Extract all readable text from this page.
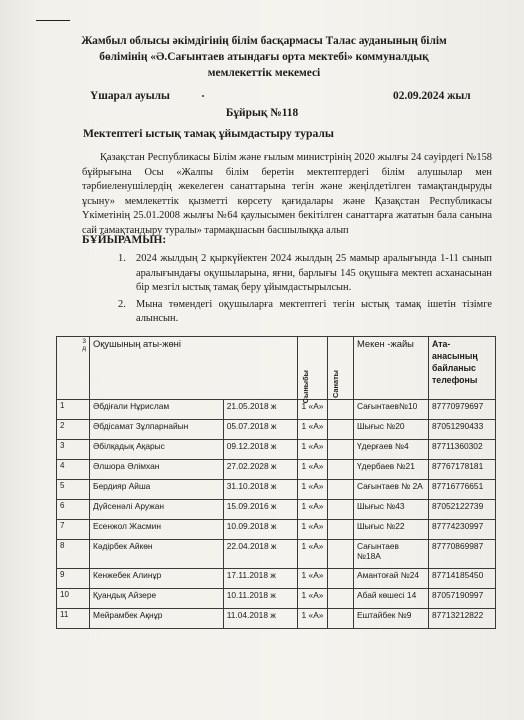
Жамбыл облысы әкімдігінің білім басқармасы Талас ауданының білім
бөлімінің «Ә.Сағынтаев атындағы орта мектебі» коммуналдық
мемлекеттік мекемесі
Үшарал ауылы	02.09.2024 жыл
Бұйрық №118
Мектептегі ыстық тамақ ұйымдастыру туралы
Қазақстан Республикасы Білім және ғылым министрінің 2020 жылғы 24 сәуірдегі №158 бұйрығына Осы «Жалпы білім беретін мектептердегі білім алушылар мен тәрбиеленушілердің жекелеген санаттарына тегін және жеңілдетілген тамақтандыруды ұсыну» мемлекеттік қызметті көрсету қағидалары және Қазақстан Республикасы Үкіметінің 25.01.2008 жылғы №64 қаулысымен бекітілген санаттарға жататын бала санына сай тамақтандыру туралы» тармақшасын басшылыққа алып
БҰЙЫРАМЫН:
1. 2024 жылдың 2 қыркүйектен 2024 жылдың 25 мамыр аралығында 1-11 сынып аралығындағы оқушыларына, яғни, барлығы 145 оқушыға мектеп асханасынан бір мезгіл ыстық тамақ беру ұйымдастырылсын.
2. Мына төмендегі оқушыларға мектептегі тегін ыстық тамақ ішетін тізімге алынсын.
3
д	Оқушының аты-жөні		Сыныбы	Санаты	Мекен -жайы	Ата-анасының байланыс телефоны
1	Әбдіғали Нұрислам	21.05.2018 ж	1 «А»		Сағынтаев№10	87770979697
2	Әбдісамат Зұлпарнайын	05.07.2018 ж	1 «А»		Шығыс №20	87051290433
3	Әбілқадық Ақарыс	09.12.2018 ж	1 «А»		Үдерғаев №4	87711360302
4	Әлшора Әлімхан	27.02.2028 ж	1 «А»		Үдербаев №21	87767178181
5	Бердияр Айша	31.10.2018 ж	1 «А»		Сағынтаев № 2А	87716776651
6	Дүйсенәлі Аружан	15.09.2016 ж	1 «А»		Шығыс №43	87052122739
7	Есенжол Жасмин	10.09.2018 ж	1 «А»		Шығыс №22	87774230997
8	Кәдірбек Айкөн	22.04.2018 ж	1 «А»		Сағынтаев №18А	87770869987
9	Кенжебек Алинұр	17.11.2018 ж	1 «А»		Амантоғай №24	87714185450
10	Қуандық Айзере	10.11.2018 ж	1 «А»		Абай көшесі 14	87057190997
11	Мейрамбек Ақнұр	11.04.2018 ж	1 «А»		Ештайбек №9	87713212822
